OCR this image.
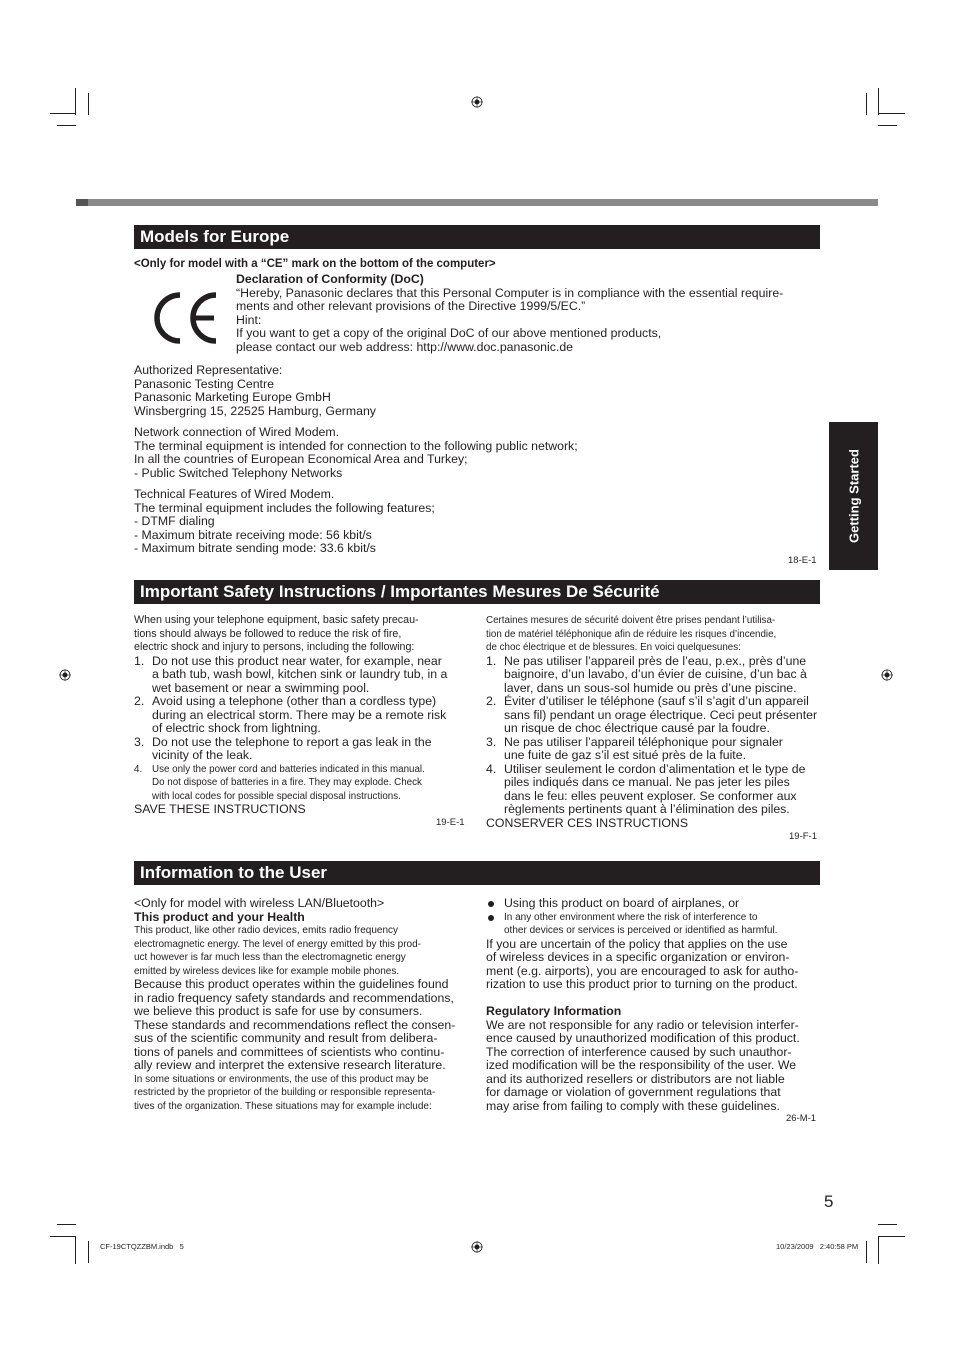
Getting Started
Models for Europe
<Only for model with a “CE” mark on the bottom of the computer>
Declaration of Conformity (DoC)
“Hereby, Panasonic declares that this Personal Computer is in compliance with the essential require-
ments and other relevant provisions of the Directive 1999/5/EC.”
Hint:
If you want to get a copy of the original DoC of our above mentioned products,
please contact our web address: http://www.doc.panasonic.de
Authorized Representative:
Panasonic Testing Centre
Panasonic Marketing Europe GmbH
Winsbergring 15, 22525 Hamburg, Germany
Network connection of Wired Modem.
The terminal equipment is intended for connection to the following public network;
In all the countries of European Economical Area and Turkey;
- Public Switched Telephony Networks
Technical Features of Wired Modem.
The terminal equipment includes the following features;
- DTMF dialing
- Maximum bitrate receiving mode: 56 kbit/s
- Maximum bitrate sending mode: 33.6 kbit/s
18-E-1
Important Safety Instructions / Importantes Mesures De Sécurité
When using your telephone equipment, basic safety precau-
tions should always be followed to reduce the risk of fire,
electric shock and injury to persons, including the following:
1. Do not use this product near water, for example, near
a bath tub, wash bowl, kitchen sink or laundry tub, in a
wet basement or near a swimming pool.
2. Avoid using a telephone (other than a cordless type)
during an electrical storm. There may be a remote risk
of electric shock from lightning.
3. Do not use the telephone to report a gas leak in the
vicinity of the leak.
4. Use only the power cord and batteries indicated in this manual.
Do not dispose of batteries in a fire. They may explode. Check
with local codes for possible special disposal instructions.
SAVE THESE INSTRUCTIONS
19-E-1
Certaines mesures de sécurité doivent être prises pendant l’utilisa-
tion de matériel téléphonique afin de réduire les risques d’incendie,
de choc électrique et de blessures. En voici quelquesunes:
1. Ne pas utiliser l’appareil près de l’eau, p.ex., près d’une
baignoire, d’un lavabo, d’un évier de cuisine, d’un bac à
laver, dans un sous-sol humide ou près d’une piscine.
2. Éviter d’utiliser le téléphone (sauf s’il s’agit d’un appareil
sans fil) pendant un orage électrique. Ceci peut présenter
un risque de choc électrique causé par la foudre.
3. Ne pas utiliser l’appareil téléphonique pour signaler
une fuite de gaz s’il est situé près de la fuite.
4. Utiliser seulement le cordon d’alimentation et le type de
piles indiqués dans ce manual. Ne pas jeter les piles
dans le feu: elles peuvent exploser. Se conformer aux
règlements pertinents quant à l’élimination des piles.
CONSERVER CES INSTRUCTIONS
19-F-1
Information to the User
<Only for model with wireless LAN/Bluetooth>
This product and your Health
This product, like other radio devices, emits radio frequency
electromagnetic energy. The level of energy emitted by this prod-
uct however is far much less than the electromagnetic energy
emitted by wireless devices like for example mobile phones.
Because this product operates within the guidelines found
in radio frequency safety standards and recommendations,
we believe this product is safe for use by consumers.
These standards and recommendations reflect the consen-
sus of the scientific community and result from delibera-
tions of panels and committees of scientists who continu-
ally review and interpret the extensive research literature.
In some situations or environments, the use of this product may be
restricted by the proprietor of the building or responsible representa-
tives of the organization. These situations may for example include:
Using this product on board of airplanes, or
In any other environment where the risk of interference to
other devices or services is perceived or identified as harmful.
If you are uncertain of the policy that applies on the use
of wireless devices in a specific organization or environ-
ment (e.g. airports), you are encouraged to ask for autho-
rization to use this product prior to turning on the product.
Regulatory Information
We are not responsible for any radio or television interfer-
ence caused by unauthorized modification of this product.
The correction of interference caused by such unauthor-
ized modification will be the responsibility of the user. We
and its authorized resellers or distributors are not liable
for damage or violation of government regulations that
may arise from failing to comply with these guidelines.
26-M-1
5
CF-19CTQZZBM.indb   5	10/23/2009   2:40:58 PM
